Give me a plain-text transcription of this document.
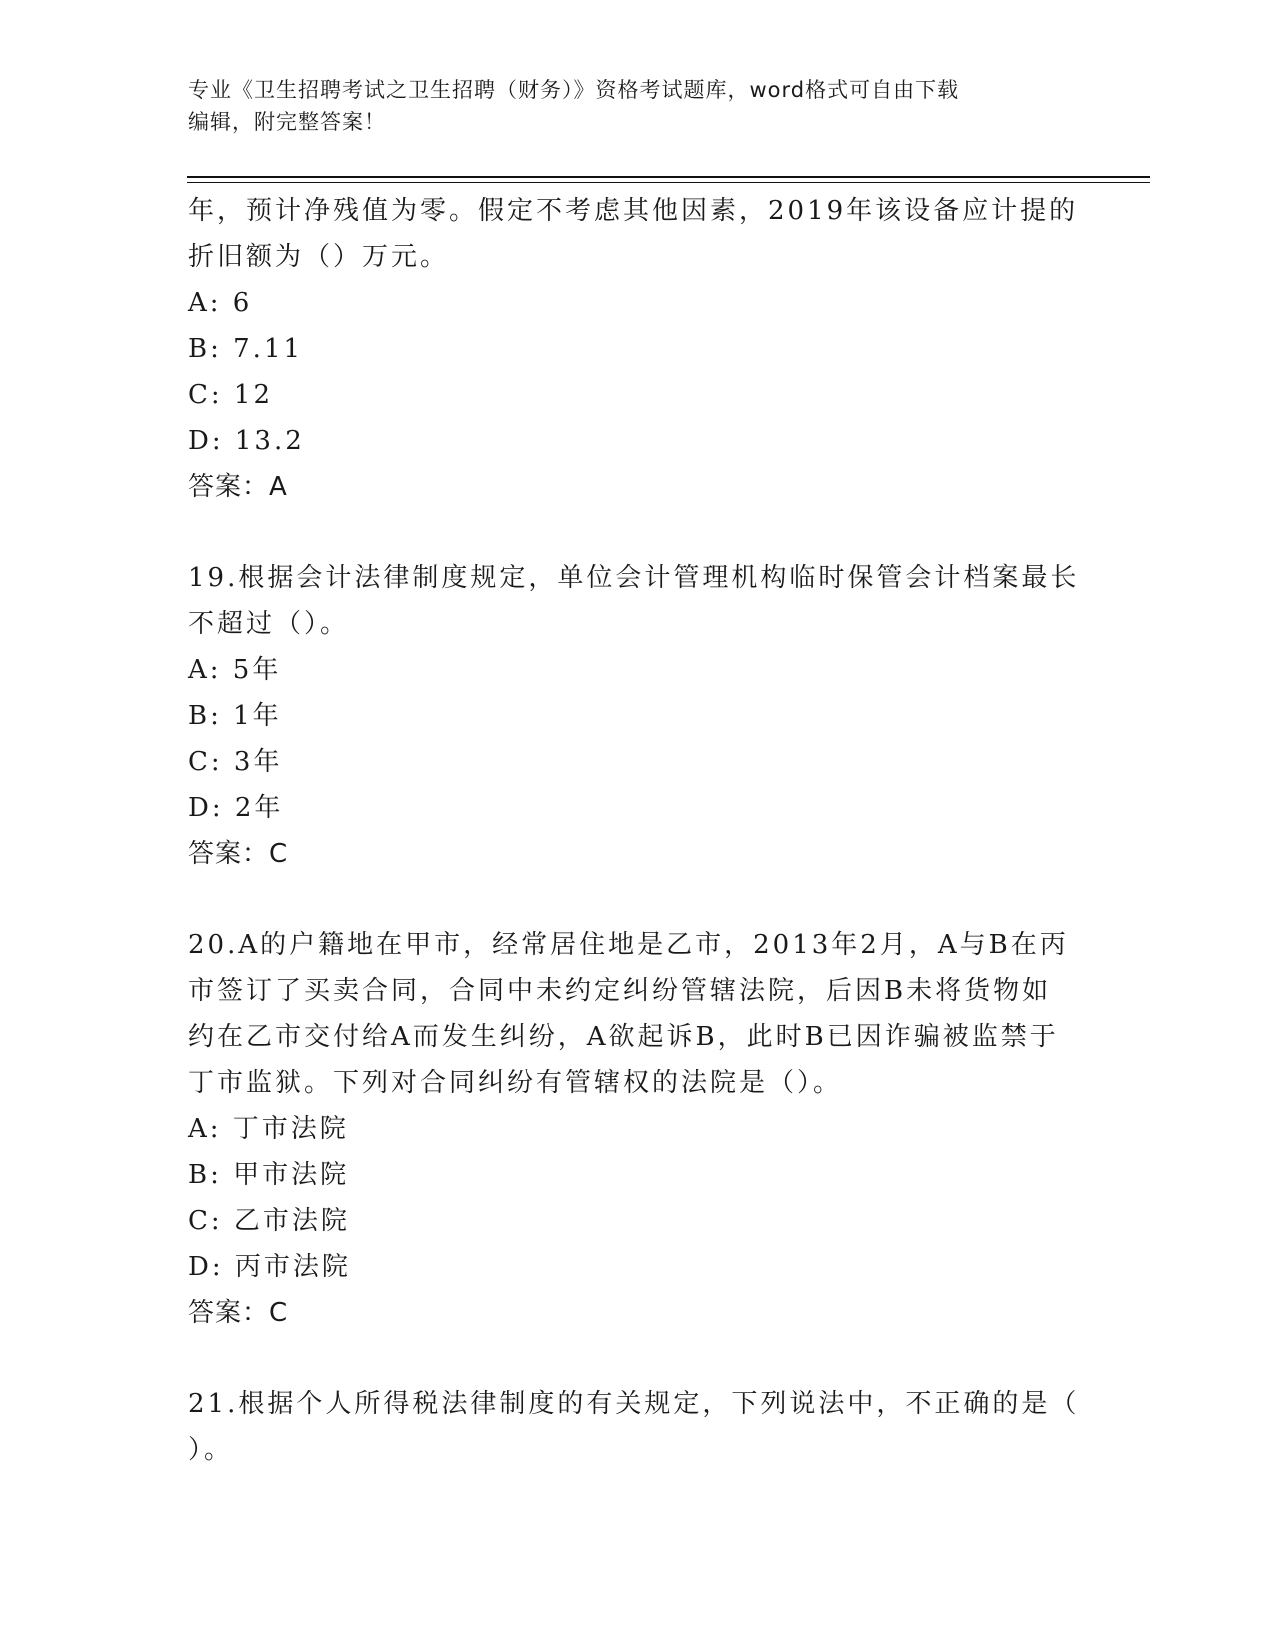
专业《卫生招聘考试之卫生招聘（财务）》资格考试题库，word格式可自由下载
编辑，附完整答案！
年，预计净残值为零。假定不考虑其他因素，2019年该设备应计提的
折旧额为（）万元。
A: 6
B: 7.11
C: 12
D: 13.2
答案：A
19.根据会计法律制度规定，单位会计管理机构临时保管会计档案最长
不超过（）。
A: 5年
B: 1年
C: 3年
D: 2年
答案：C
20.A的户籍地在甲市，经常居住地是乙市，2013年2月，A与B在丙
市签订了买卖合同，合同中未约定纠纷管辖法院，后因B未将货物如
约在乙市交付给A而发生纠纷，A欲起诉B，此时B已因诈骗被监禁于
丁市监狱。下列对合同纠纷有管辖权的法院是（）。
A: 丁市法院
B: 甲市法院
C: 乙市法院
D: 丙市法院
答案：C
21.根据个人所得税法律制度的有关规定，下列说法中，不正确的是（
）。
